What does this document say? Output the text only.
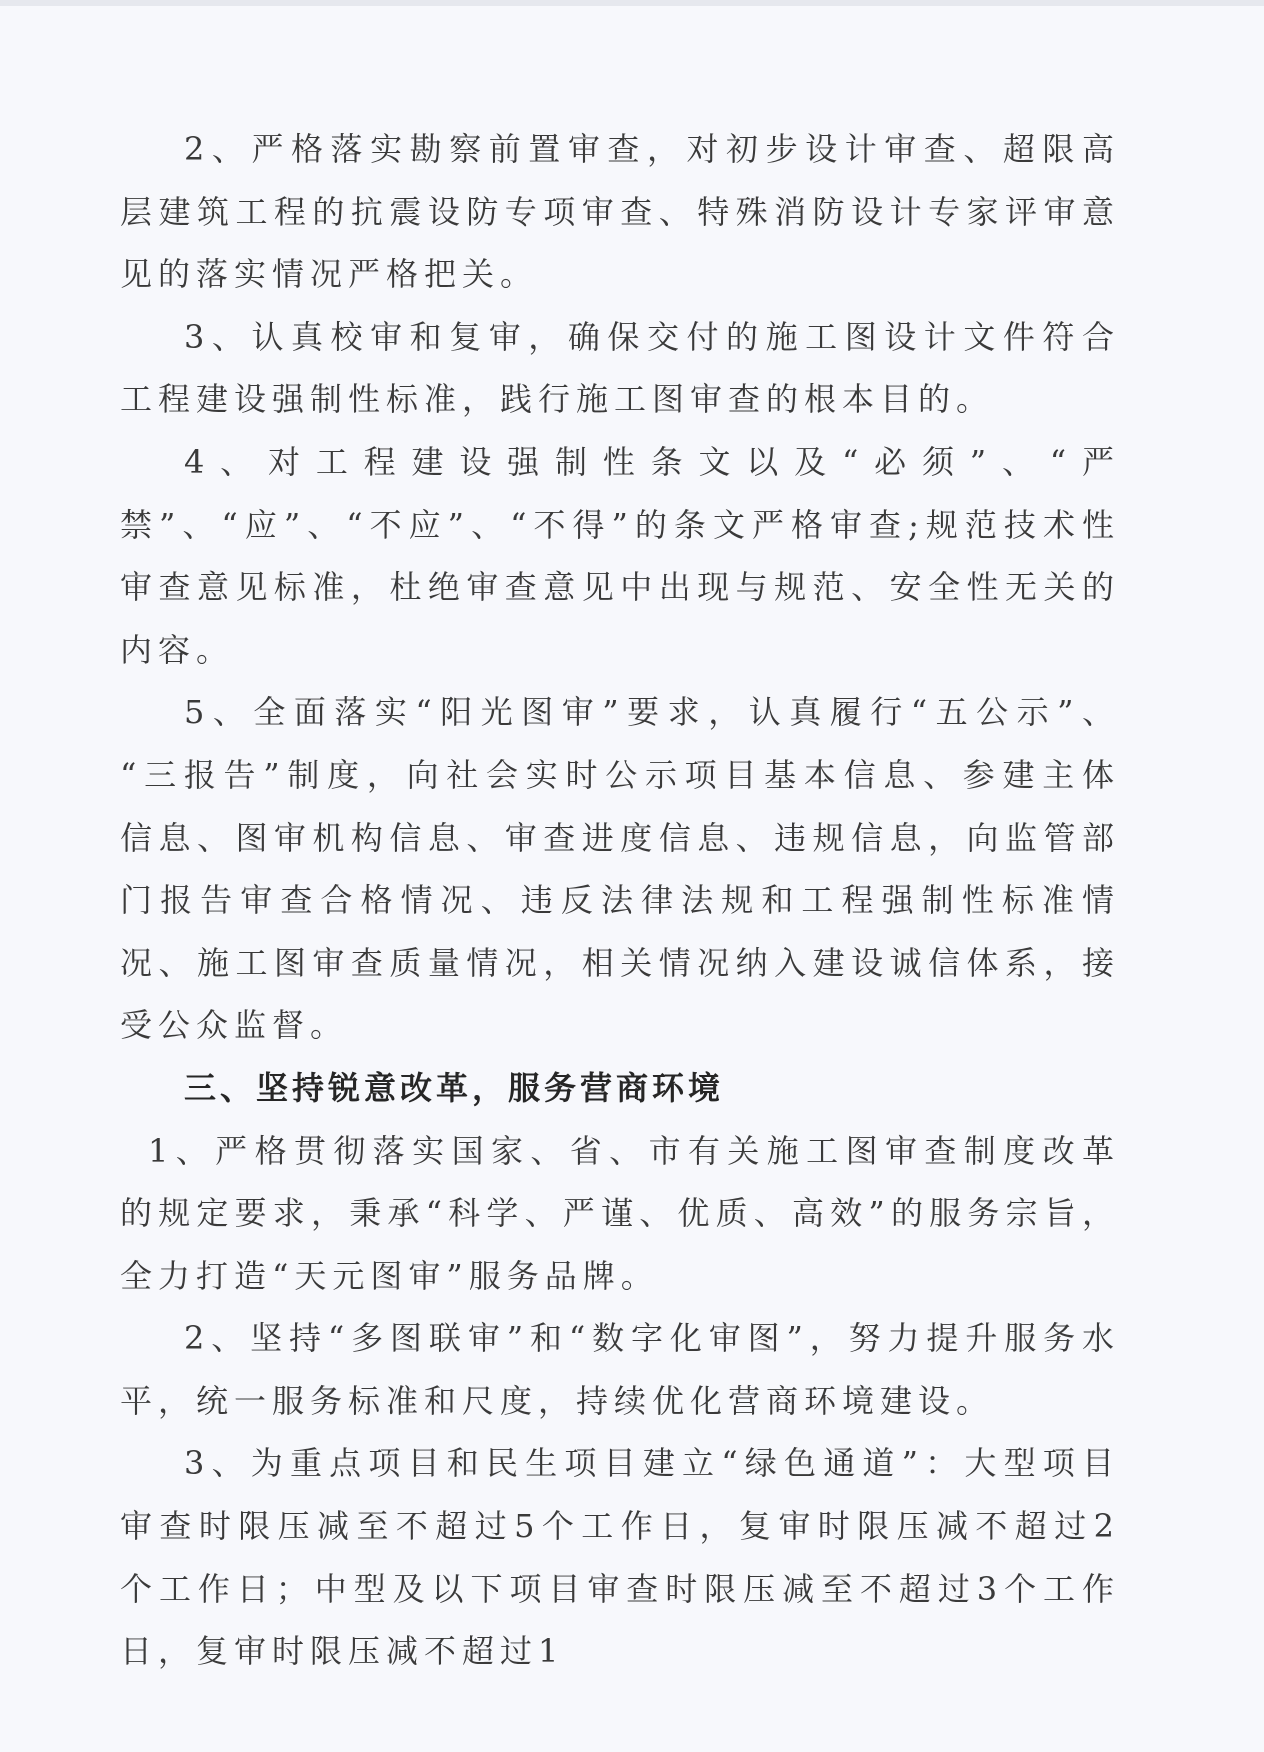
2、严格落实勘察前置审查，对初步设计审查、超限高层建筑工程的抗震设防专项审查、特殊消防设计专家评审意见的落实情况严格把关。

3、认真校审和复审，确保交付的施工图设计文件符合工程建设强制性标准，践行施工图审查的根本目的。

4、对工程建设强制性条文以及“必须”、“严禁”、“应”、“不应”、“不得”的条文严格审查;规范技术性审查意见标准，杜绝审查意见中出现与规范、安全性无关的内容。

5、全面落实“阳光图审”要求，认真履行“五公示”、 “三报告”制度，向社会实时公示项目基本信息、参建主体 信息、图审机构信息、审查进度信息、违规信息，向监管部门报告审查合格情况、违反法律法规和工程强制性标准情况、施工图审查质量情况，相关情况纳入建设诚信体系，接受公众监督。

三、坚持锐意改革，服务营商环境

1、严格贯彻落实国家、省、市有关施工图审查制度改革的规定要求，秉承“科学、严谨、优质、高效”的服务宗旨，全力打造“天元图审”服务品牌。

2、坚持“多图联审”和“数字化审图”，努力提升服务水平，统一服务标准和尺度，持续优化营商环境建设。

3、为重点项目和民生项目建立“绿色通道”：大型项目审查时限压减至不超过5个工作日，复审时限压减不超过2个工作日；中型及以下项目审查时限压减至不超过3个工作日，复审时限压减不超过1
